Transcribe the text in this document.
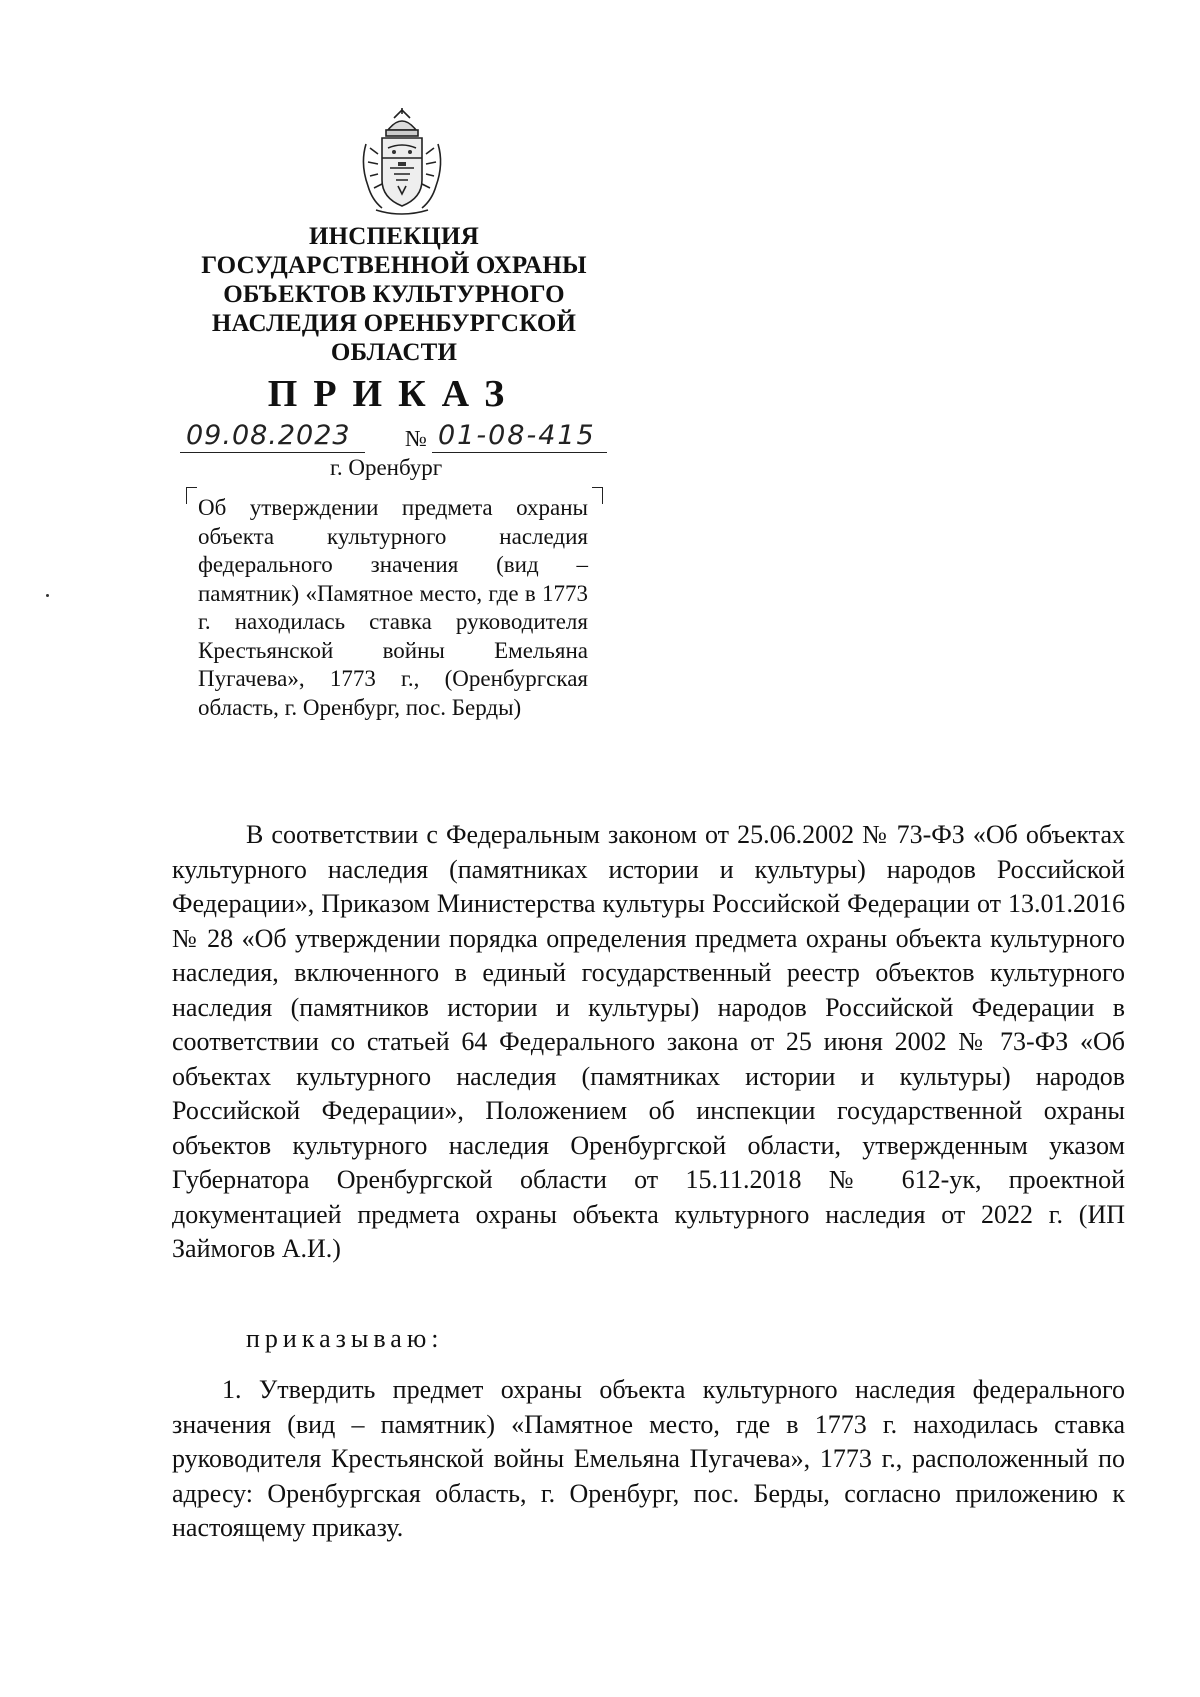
ИНСПЕКЦИЯ
ГОСУДАРСТВЕННОЙ ОХРАНЫ
ОБЪЕКТОВ КУЛЬТУРНОГО
НАСЛЕДИЯ ОРЕНБУРГСКОЙ
ОБЛАСТИ
ПРИКАЗ
09.08.2023	№ 01-08-415
г. Оренбург
Об утверждении предмета охраны объекта культурного наследия федерального значения (вид – памятник) «Памятное место, где в 1773 г. находилась ставка руководителя Крестьянской войны Емельяна Пугачева», 1773 г., (Оренбургская область, г. Оренбург, пос. Берды)
В соответствии с Федеральным законом от 25.06.2002 № 73-ФЗ «Об объектах культурного наследия (памятниках истории и культуры) народов Российской Федерации», Приказом Министерства культуры Российской Федерации от 13.01.2016 № 28 «Об утверждении порядка определения предмета охраны объекта культурного наследия, включенного в единый государственный реестр объектов культурного наследия (памятников истории и культуры) народов Российской Федерации в соответствии со статьей 64 Федерального закона от 25 июня 2002 № 73-ФЗ «Об объектах культурного наследия (памятниках истории и культуры) народов Российской Федерации», Положением об инспекции государственной охраны объектов культурного наследия Оренбургской области, утвержденным указом Губернатора Оренбургской области от 15.11.2018 № 612-ук, проектной документацией предмета охраны объекта культурного наследия от 2022 г. (ИП Займогов А.И.)
приказываю:
1. Утвердить предмет охраны объекта культурного наследия федерального значения (вид – памятник) «Памятное место, где в 1773 г. находилась ставка руководителя Крестьянской войны Емельяна Пугачева», 1773 г., расположенный по адресу: Оренбургская область, г. Оренбург, пос. Берды, согласно приложению к настоящему приказу.
